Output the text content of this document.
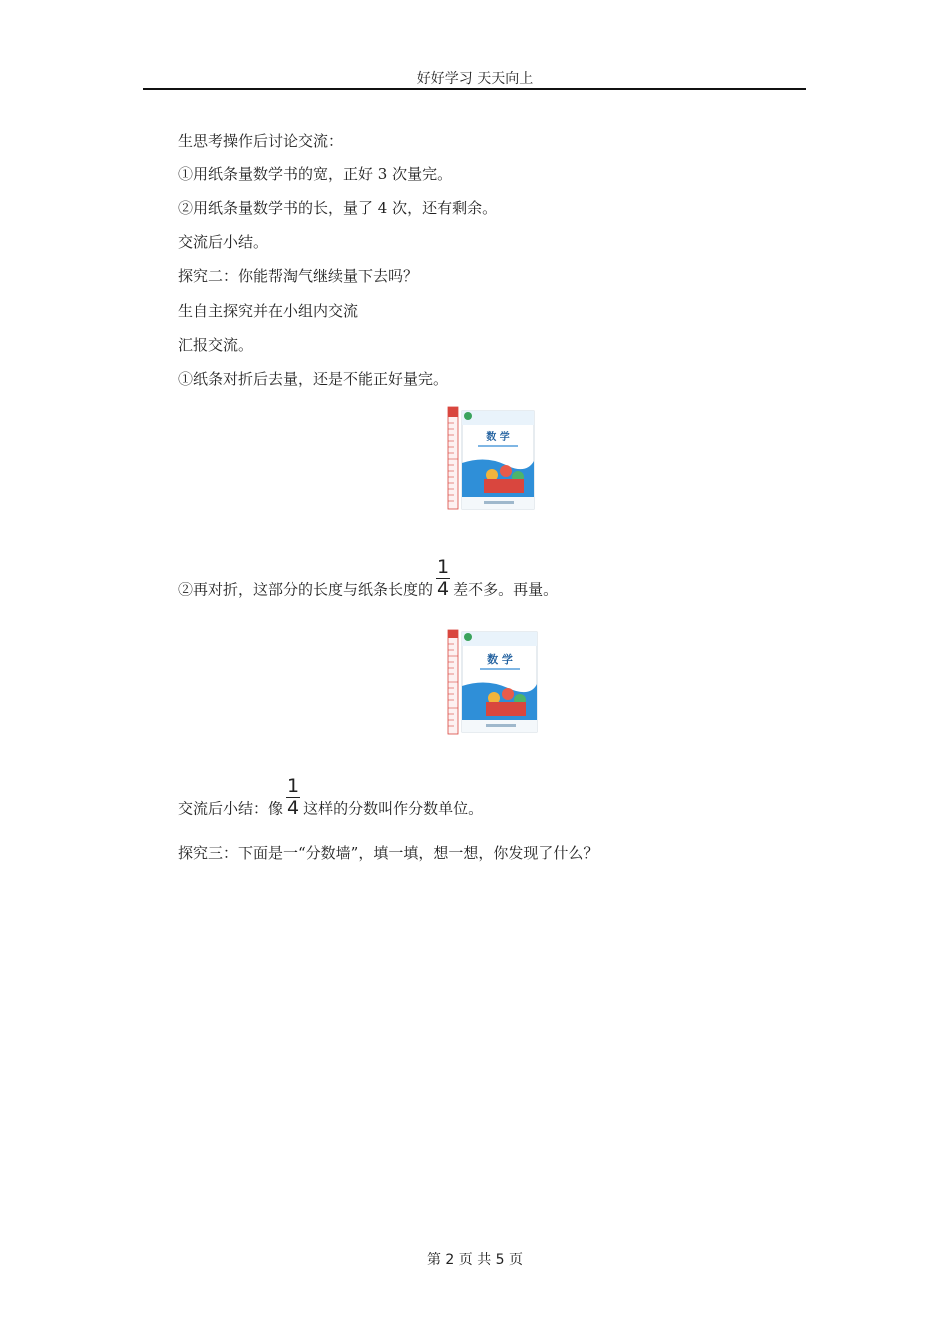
好好学习 天天向上
生思考操作后讨论交流：
①用纸条量数学书的宽，正好 3 次量完。
②用纸条量数学书的长，量了 4 次，还有剩余。
交流后小结。
探究二：你能帮淘气继续量下去吗？
生自主探究并在小组内交流
汇报交流。
①纸条对折后去量，还是不能正好量完。
数 学
②再对折，这部分的长度与纸条长度的 $\frac{1}{4}$ 差不多。再量。
数 学
交流后小结：像 $\frac{1}{4}$ 这样的分数叫作分数单位。
探究三：下面是一“分数墙”，填一填，想一想，你发现了什么？
第 2 页 共 5 页
